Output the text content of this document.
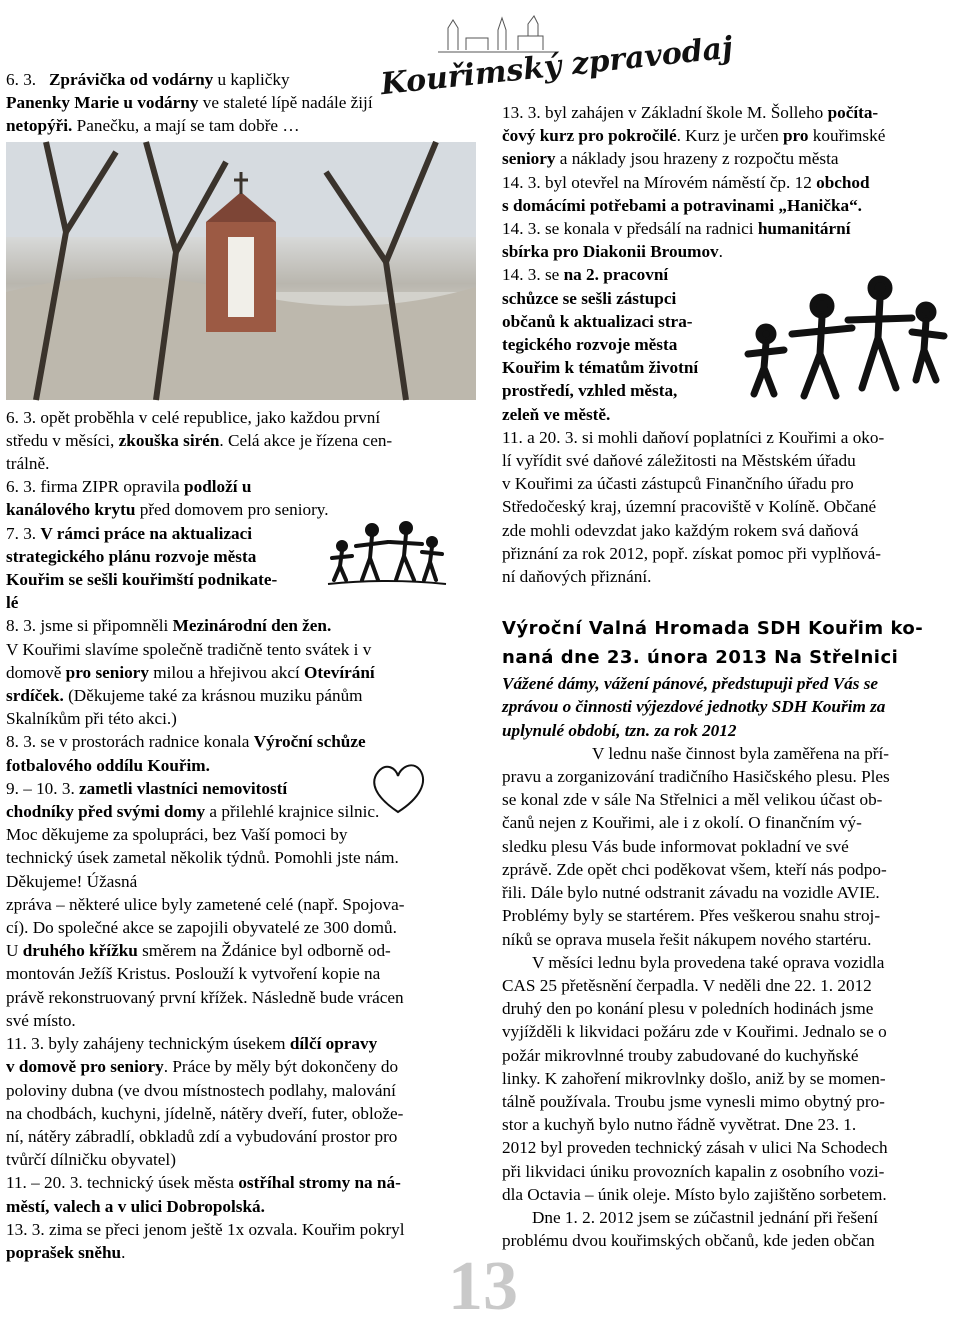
Kouřimský zpravodaj
6. 3. Zprávička od vodárny u kapličky
Panenky Marie u vodárny ve staleté lípě nadále žijí
netopýři. Panečku, a mají se tam dobře …
6. 3. opět proběhla v celé republice, jako každou první
středu v měsíci, zkouška sirén. Celá akce je řízena cen-
trálně.
6. 3. firma ZIPR opravila podloží u
kanálového krytu před domovem pro seniory.
7. 3. V rámci práce na aktualizaci
strategického plánu rozvoje města
Kouřim se sešli kouřimští podnikate-
lé
8. 3. jsme si připomněli Mezinárodní den žen.
V Kouřimi slavíme společně tradičně tento svátek i v
domově pro seniory milou a hřejivou akcí Otevírání
srdíček. (Děkujeme také za krásnou muziku pánům
Skalníkům při této akci.)
8. 3. se v prostorách radnice konala Výroční schůze
fotbalového oddílu Kouřim.
9. – 10. 3. zametli vlastníci nemovitostí
chodníky před svými domy a přilehlé krajnice silnic.
Moc děkujeme za spolupráci, bez Vaší pomoci by
technický úsek zametal několik týdnů. Pomohli jste nám.
Děkujeme! Úžasná
zpráva – některé ulice byly zametené celé (např. Spojova-
cí). Do společné akce se zapojili obyvatelé ze 300 domů.
U druhého křížku směrem na Ždánice byl odborně od-
montován Ježíš Kristus. Poslouží k vytvoření kopie na
právě rekonstruovaný první křížek. Následně bude vrácen
své místo.
11. 3. byly zahájeny technickým úsekem dílčí opravy
v domově pro seniory. Práce by měly být dokončeny do
poloviny dubna (ve dvou místnostech podlahy, malování
na chodbách, kuchyni, jídelně, nátěry dveří, futer, obložе-
ní, nátěry zábradlí, obkladů zdí a vybudování prostor pro
tvůrčí dílničku obyvatel)
11. – 20. 3. technický úsek města ostříhal stromy na ná-
městí, valech a v ulici Dobropolská.
13. 3. zima se přeci jenom ještě 1x ozvala. Kouřim pokryl
poprašek sněhu.
13. 3. byl zahájen v Základní škole M. Šolleho počíta-
čový kurz pro pokročilé. Kurz je určen pro kouřimské
seniory a náklady jsou hrazeny z rozpočtu města
14. 3. byl otevřel na Mírovém náměstí čp. 12 obchod
s domácími potřebami a potravinami „Hanička“.
14. 3. se konala v předsálí na radnici humanitární
sbírka pro Diakonii Broumov.
14. 3. se na 2. pracovní
schůzce se sešli zástupci
občanů k aktualizaci stra-
tegického rozvoje města
Kouřim k tématům životní
prostředí, vzhled města,
zeleň ve městě.
11. a 20. 3. si mohli daňoví poplatníci z Kouřimi a oko-
lí vyřídit své daňové záležitosti na Městském úřadu
v Kouřimi za účasti zástupců Finančního úřadu pro
Středočeský kraj, územní pracoviště v Kolíně. Občané
zde mohli odevzdat jako každým rokem svá daňová
přiznání za rok 2012, popř. získat pomoc při vyplňová-
ní daňových přiznání.
Výroční Valná Hromada SDH Kouřim ko-
naná dne 23. února 2013 Na Střelnici
Vážené dámy, vážení pánové, předstupuji před Vás se
zprávou o činnosti výjezdové jednotky SDH Kouřim za
uplynulé období, tzn. za rok 2012
V lednu naše činnost byla zaměřena na pří-
pravu a zorganizování tradičního Hasičského plesu. Ples
se konal zde v sále Na Střelnici a měl velikou účast ob-
čanů nejen z Kouřimi, ale i z okolí. O finančním vý-
sledku plesu Vás bude informovat pokladní ve své
zprávě. Zde opět chci poděkovat všem, kteří nás podpo-
řili. Dále bylo nutné odstranit závadu na vozidle AVIE.
Problémy byly se startérem. Přes veškerou snahu stroj-
níků se oprava musela řešit nákupem nového startéru.
V měsíci lednu byla provedena také oprava vozidla
CAS 25 přetěsnění čerpadla. V neděli dne 22. 1. 2012
druhý den po konání plesu v poledních hodinách jsme
vyjížděli k likvidaci požáru zde v Kouřimi. Jednalo se o
požár mikrovlnné trouby zabudované do kuchyňské
linky. K zahoření mikrovlnky došlo, aniž by se momen-
tálně používala. Troubu jsme vynesli mimo obytný pro-
stor a kuchyň bylo nutno řádně vyvětrat. Dne 23. 1.
2012 byl proveden technický zásah v ulici Na Schodech
při likvidaci úniku provozních kapalin z osobního vozi-
dla Octavia – únik oleje. Místo bylo zajištěno sorbetem.
Dne 1. 2. 2012 jsem se zúčastnil jednání při řešení
problému dvou kouřimských občanů, kde jeden občan
13
